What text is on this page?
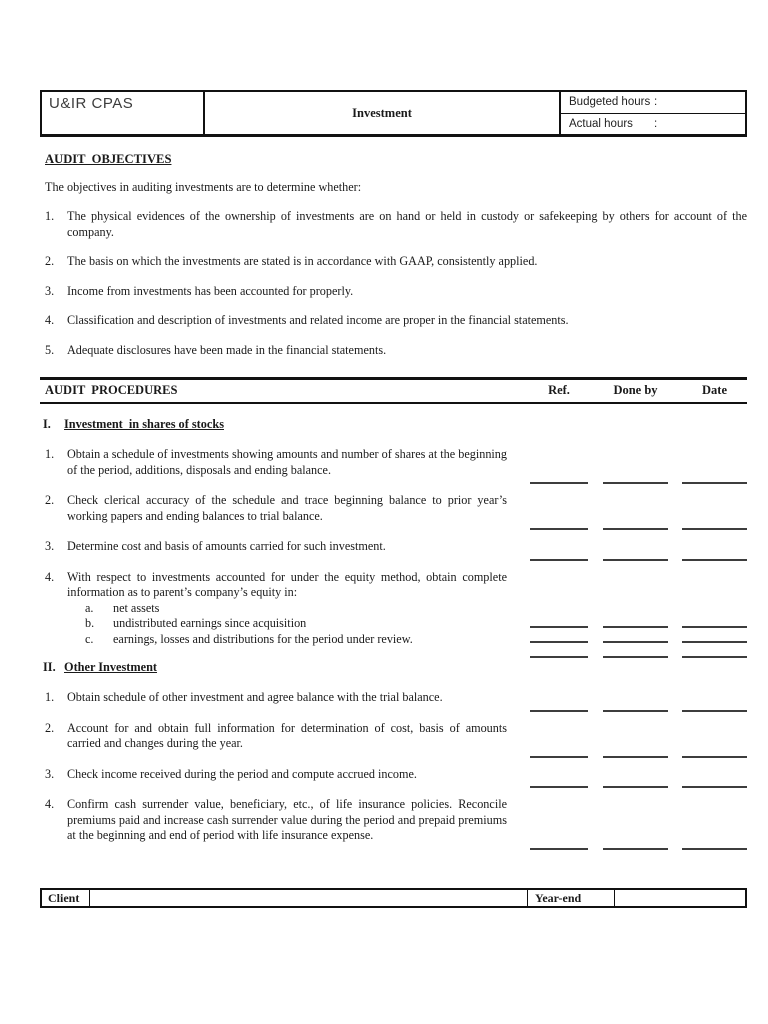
U&IR CPAS
Investment
Budgeted hours :
Actual hours	:
AUDIT  OBJECTIVES
The objectives in auditing investments are to determine whether:
1.	The physical evidences of the ownership of investments are on hand or held in custody or safekeeping by others for account of the company.
2.	The basis on which the investments are stated is in accordance with GAAP, consistently applied.
3.	Income from investments has been accounted for properly.
4.	Classification and description of investments and related income are proper in the financial statements.
5.	Adequate disclosures have been made in the financial statements.
AUDIT  PROCEDURES	Ref.	Done by	Date
I.	Investment  in shares of stocks
1.	Obtain a schedule of investments showing amounts and number of shares at the beginning of the period, additions, disposals and ending balance.
2.	Check clerical accuracy of the schedule and trace beginning balance to prior year’s working papers and ending balances to trial balance.
3.	Determine cost and basis of amounts carried for such investment.
4.	With respect to investments accounted for under the equity method, obtain complete information as to parent’s company’s equity in:
a.	net assets
b.	undistributed earnings since acquisition
c.	earnings, losses and distributions for the period under review.
II. Other Investment
1.	Obtain schedule of other investment and agree balance with the trial balance.
2.	Account for and obtain full information for determination of cost, basis of amounts carried and changes during the year.
3.	Check income received during the period and compute accrued income.
4.	Confirm cash surrender value, beneficiary, etc., of life insurance policies. Reconcile premiums paid and increase cash surrender value during the period and prepaid premiums at the beginning and end of period with life insurance expense.
Client	Year-end
